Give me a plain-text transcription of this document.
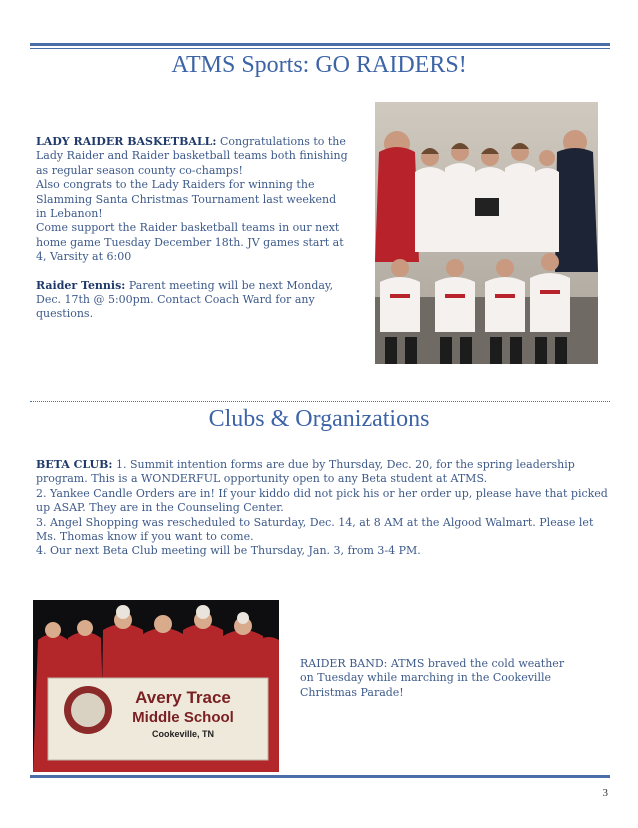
ATMS Sports: GO RAIDERS!
LADY RAIDER BASKETBALL: Congratulations to the Lady Raider and Raider basketball teams both finishing as regular season county co-champs!
Also congrats to the Lady Raiders for winning the Slamming Santa Christmas Tournament last weekend in Lebanon!
Come support the Raider basketball teams in our next home game Tuesday December 18th. JV games start at 4, Varsity at 6:00
Raider Tennis: Parent meeting will be next Monday, Dec. 17th @ 5:00pm. Contact Coach Ward for any questions.
Clubs & Organizations
BETA CLUB: 1. Summit intention forms are due by Thursday, Dec. 20, for the spring leadership program. This is a WONDERFUL opportunity open to any Beta student at ATMS.
2. Yankee Candle Orders are in! If your kiddo did not pick his or her order up, please have that picked up ASAP. They are in the Counseling Center.
3. Angel Shopping was rescheduled to Saturday, Dec. 14, at 8 AM at the Algood Walmart. Please let Ms. Thomas know if you want to come.
4. Our next Beta Club meeting will be Thursday, Jan. 3, from 3-4 PM.
Avery Trace
Middle School
Cookeville, TN
RAIDER BAND: ATMS braved the cold weather on Tuesday while marching in the Cookeville Christmas Parade!
3
